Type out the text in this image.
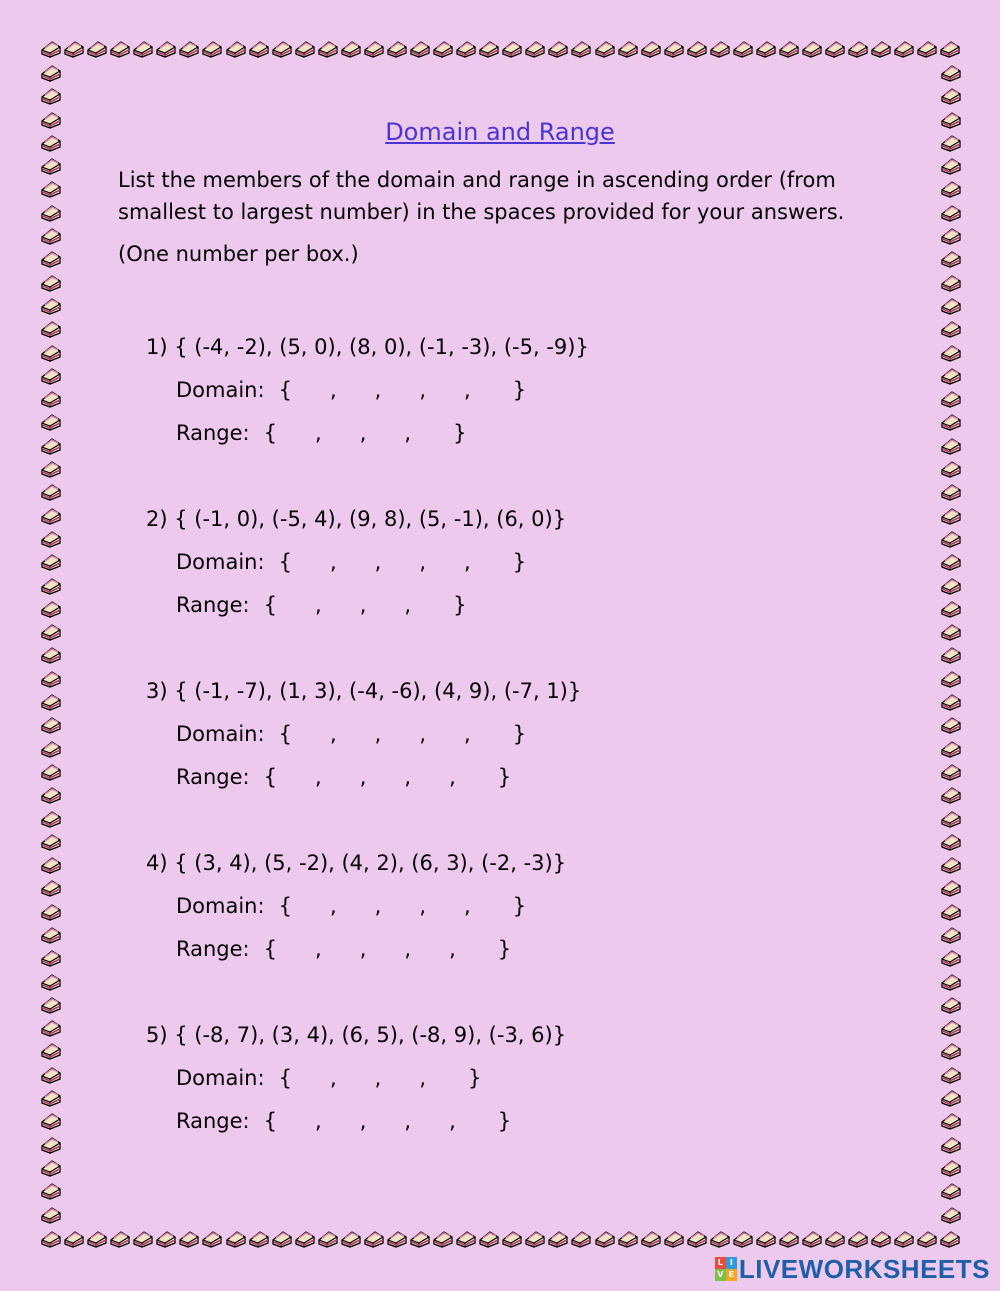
Domain and Range
List the members of the domain and range in ascending order (from smallest to largest number) in the spaces provided for your answers.
(One number per box.)
1) { (-4, -2), (5, 0), (8, 0), (-1, -3), (-5, -9)}
Domain: { , , , , }
Range: { , , , }
2) { (-1, 0), (-5, 4), (9, 8), (5, -1), (6, 0)}
Domain: { , , , , }
Range: { , , , }
3) { (-1, -7), (1, 3), (-4, -6), (4, 9), (-7, 1)}
Domain: { , , , , }
Range: { , , , , }
4) { (3, 4), (5, -2), (4, 2), (6, 3), (-2, -3)}
Domain: { , , , , }
Range: { , , , , }
5) { (-8, 7), (3, 4), (6, 5), (-8, 9), (-3, 6)}
Domain: { , , , }
Range: { , , , , }
L I
V E LIVEWORKSHEETS
